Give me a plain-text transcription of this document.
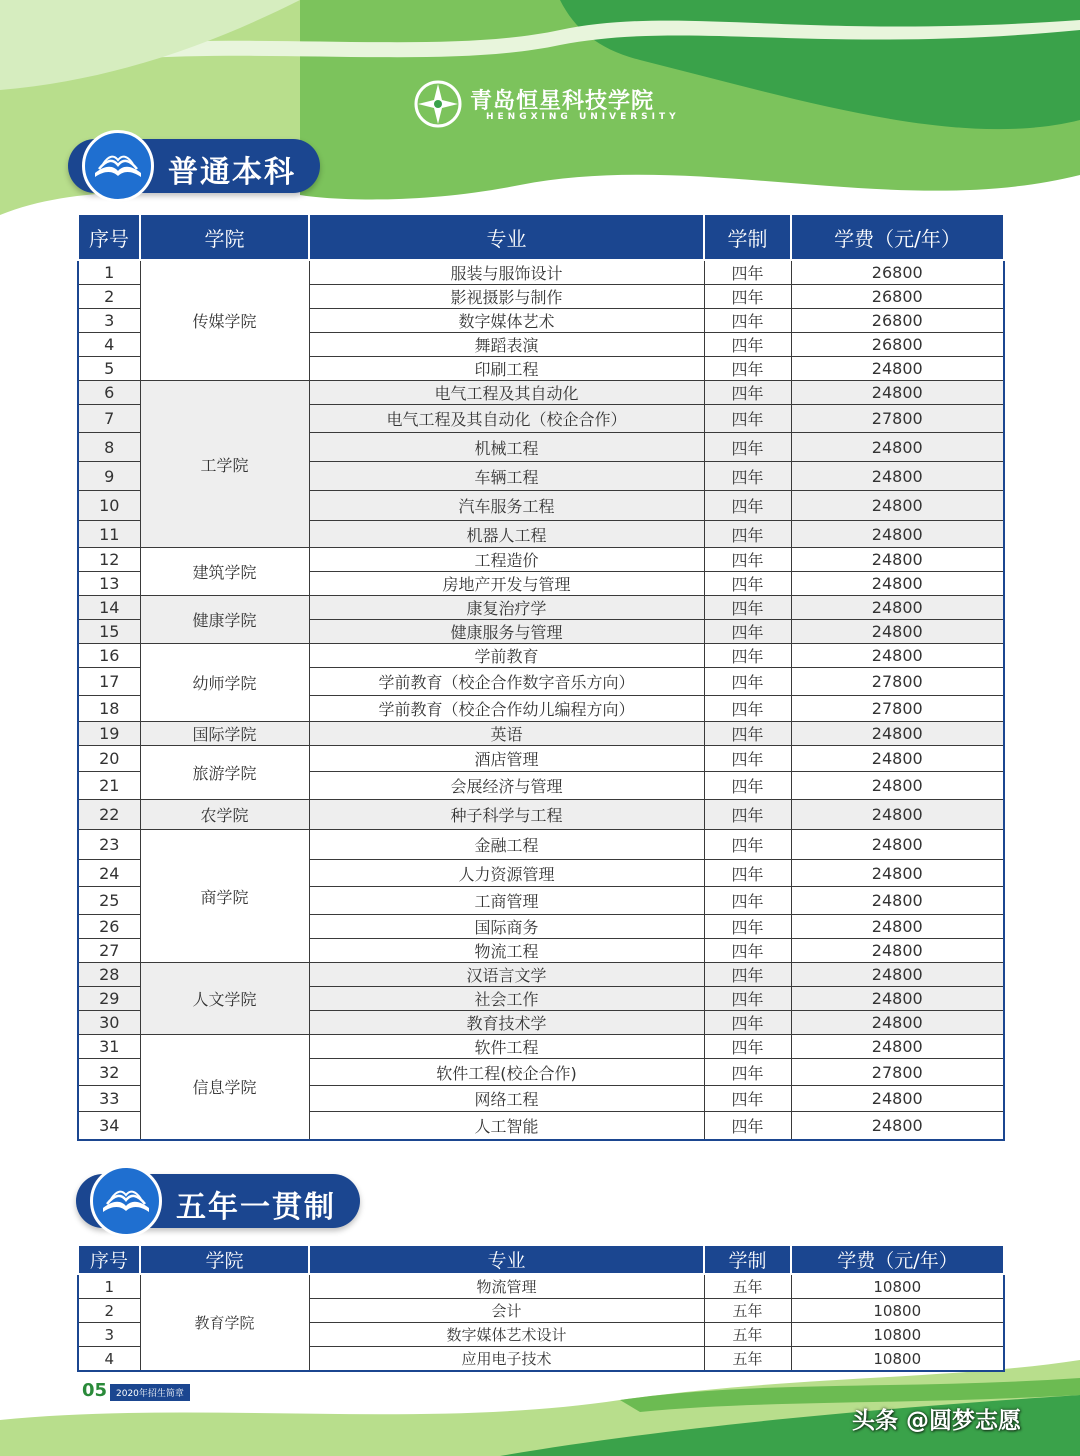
青岛恒星科技学院
HENGXING UNIVERSITY
普通本科
序号	学院	专业	学制	学费（元/年）
1	传媒学院	服装与服饰设计	四年	26800
2		影视摄影与制作	四年	26800
3		数字媒体艺术	四年	26800
4		舞蹈表演	四年	26800
5		印刷工程	四年	24800
6	工学院	电气工程及其自动化	四年	24800
7		电气工程及其自动化（校企合作）	四年	27800
8		机械工程	四年	24800
9		车辆工程	四年	24800
10		汽车服务工程	四年	24800
11		机器人工程	四年	24800
12	建筑学院	工程造价	四年	24800
13		房地产开发与管理	四年	24800
14	健康学院	康复治疗学	四年	24800
15		健康服务与管理	四年	24800
16	幼师学院	学前教育	四年	24800
17		学前教育（校企合作数字音乐方向）	四年	27800
18		学前教育（校企合作幼儿编程方向）	四年	27800
19	国际学院	英语	四年	24800
20	旅游学院	酒店管理	四年	24800
21		会展经济与管理	四年	24800
22	农学院	种子科学与工程	四年	24800
23	商学院	金融工程	四年	24800
24		人力资源管理	四年	24800
25		工商管理	四年	24800
26		国际商务	四年	24800
27		物流工程	四年	24800
28	人文学院	汉语言文学	四年	24800
29		社会工作	四年	24800
30		教育技术学	四年	24800
31	信息学院	软件工程	四年	24800
32		软件工程(校企合作)	四年	27800
33		网络工程	四年	24800
34		人工智能	四年	24800
五年一贯制
序号	学院	专业	学制	学费（元/年）
1	教育学院	物流管理	五年	10800
2		会计	五年	10800
3		数字媒体艺术设计	五年	10800
4		应用电子技术	五年	10800
05 2020年招生简章
头条 @圆梦志愿
